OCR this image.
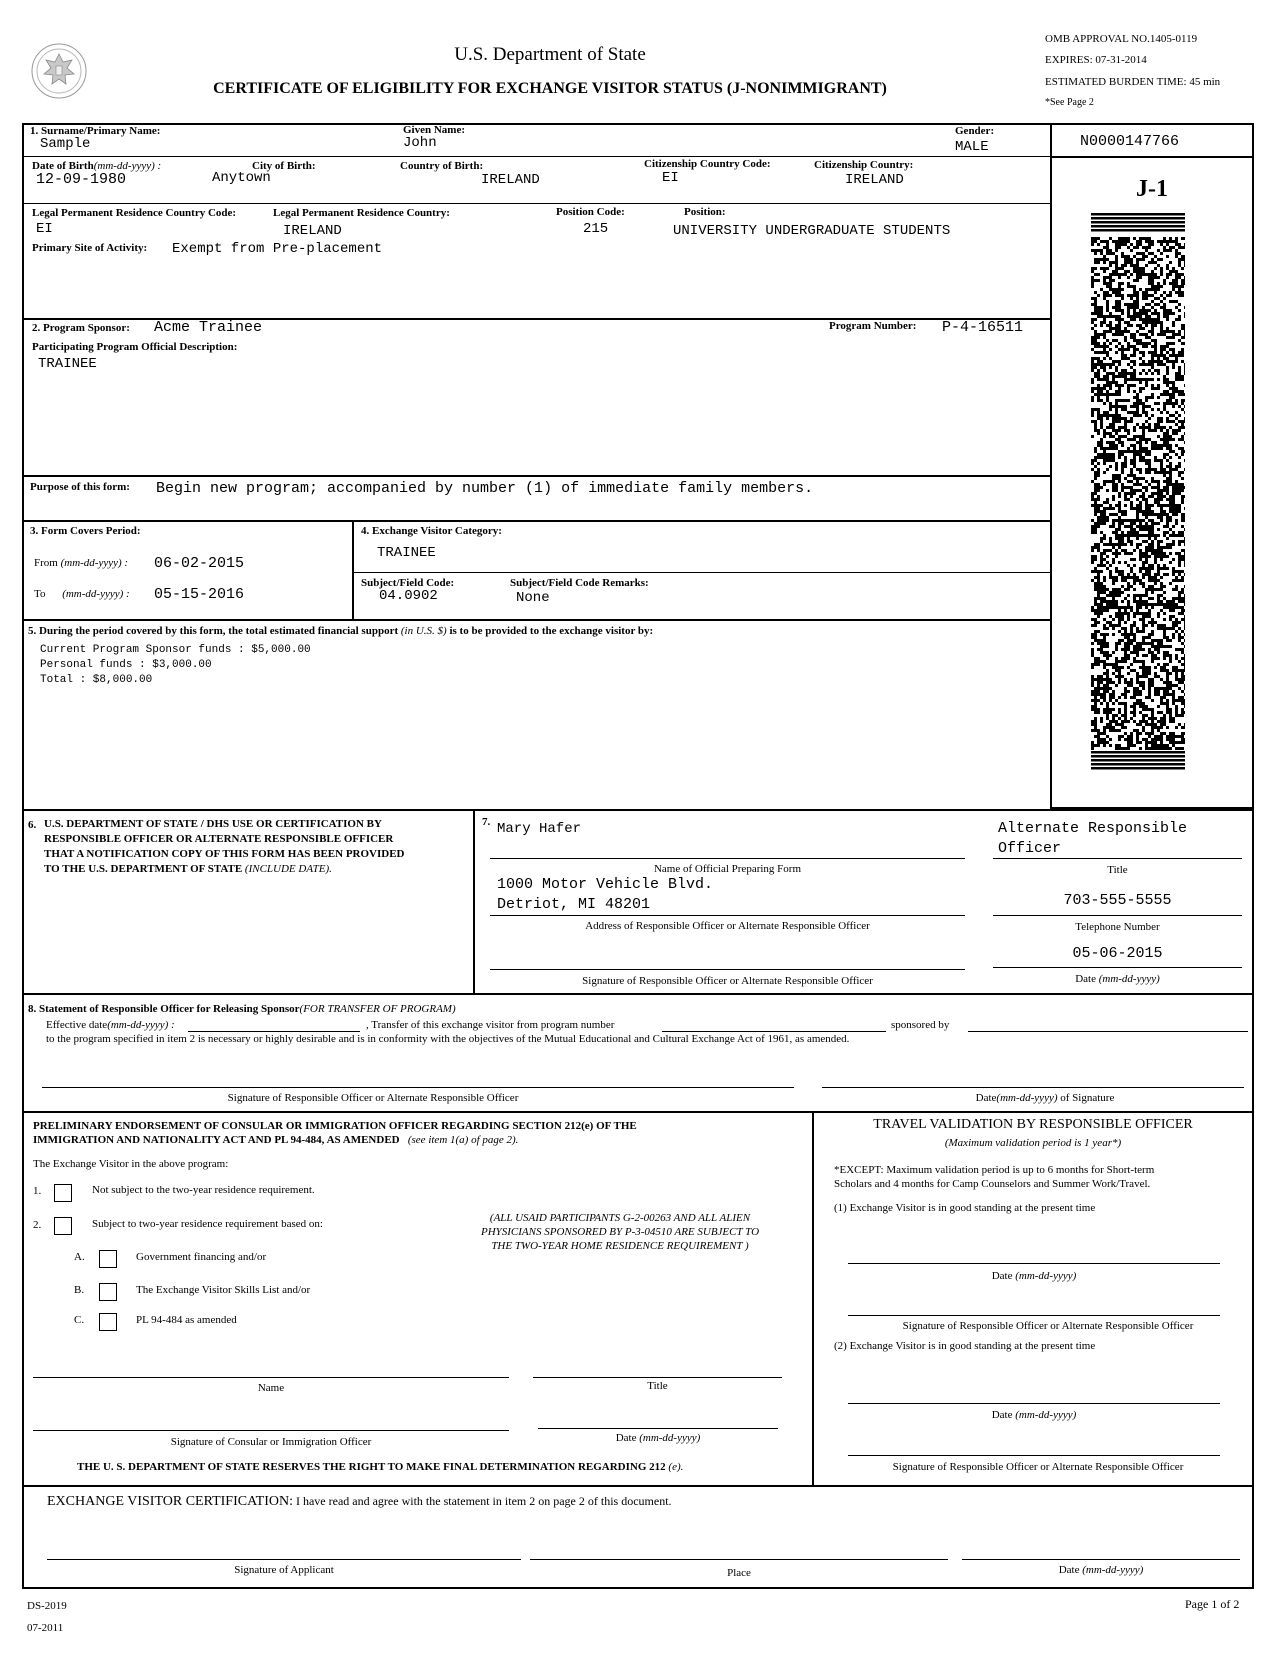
U.S. Department of State
CERTIFICATE OF ELIGIBILITY FOR EXCHANGE VISITOR STATUS (J-NONIMMIGRANT)
OMB APPROVAL NO.1405-0119
EXPIRES: 07-31-2014
ESTIMATED BURDEN TIME: 45 min
*See Page 2
1. Surname/Primary Name:
Sample
Given Name:
John
Gender:
MALE	N0000147766
J-1
Date of Birth(mm-dd-yyyy) :
12-09-1980
City of Birth:
Anytown
Country of Birth:
IRELAND
Citizenship Country Code:
EI
Citizenship Country:
IRELAND
Legal Permanent Residence Country Code:
EI
Legal Permanent Residence Country:
IRELAND
Position Code:
215
Position:
UNIVERSITY UNDERGRADUATE STUDENTS
Primary Site of Activity: Exempt from Pre-placement
2. Program Sponsor: Acme Trainee	Program Number: P-4-16511
Participating Program Official Description:
TRAINEE
Purpose of this form: Begin new program; accompanied by number (1) of immediate family members.
3. Form Covers Period:
From (mm-dd-yyyy) : 06-02-2015
To (mm-dd-yyyy) : 05-15-2016
4. Exchange Visitor Category:
TRAINEE
Subject/Field Code:
04.0902
Subject/Field Code Remarks:
None
5. During the period covered by this form, the total estimated financial support (in U.S. $) is to be provided to the exchange visitor by:
Current Program Sponsor funds : $5,000.00
Personal funds : $3,000.00
Total : $8,000.00
6. U.S. DEPARTMENT OF STATE / DHS USE OR CERTIFICATION BY
RESPONSIBLE OFFICER OR ALTERNATE RESPONSIBLE OFFICER
THAT A NOTIFICATION COPY OF THIS FORM HAS BEEN PROVIDED
TO THE U.S. DEPARTMENT OF STATE (INCLUDE DATE).
7. Mary Hafer
Name of Official Preparing Form
Alternate Responsible Officer
Title
1000 Motor Vehicle Blvd.
Detriot, MI 48201
Address of Responsible Officer or Alternate Responsible Officer
703-555-5555
Telephone Number
Signature of Responsible Officer or Alternate Responsible Officer
05-06-2015
Date (mm-dd-yyyy)
8. Statement of Responsible Officer for Releasing Sponsor(FOR TRANSFER OF PROGRAM)
Effective date(mm-dd-yyyy) :	, Transfer of this exchange visitor from program number	sponsored by
to the program specified in item 2 is necessary or highly desirable and is in conformity with the objectives of the Mutual Educational and Cultural Exchange Act of 1961, as amended.
Signature of Responsible Officer or Alternate Responsible Officer	Date(mm-dd-yyyy) of Signature
PRELIMINARY ENDORSEMENT OF CONSULAR OR IMMIGRATION OFFICER REGARDING SECTION 212(e) OF THE
IMMIGRATION AND NATIONALITY ACT AND PL 94-484, AS AMENDED (see item 1(a) of page 2).
The Exchange Visitor in the above program:
1.	Not subject to the two-year residence requirement.
2.	Subject to two-year residence requirement based on:
A.	Government financing and/or
B.	The Exchange Visitor Skills List and/or
C.	PL 94-484 as amended
(ALL USAID PARTICIPANTS G-2-00263 AND ALL ALIEN
PHYSICIANS SPONSORED BY P-3-04510 ARE SUBJECT TO
THE TWO-YEAR HOME RESIDENCE REQUIREMENT )
Name	Title
Signature of Consular or Immigration Officer	Date (mm-dd-yyyy)
THE U. S. DEPARTMENT OF STATE RESERVES THE RIGHT TO MAKE FINAL DETERMINATION REGARDING 212 (e).
TRAVEL VALIDATION BY RESPONSIBLE OFFICER
(Maximum validation period is 1 year*)
*EXCEPT: Maximum validation period is up to 6 months for Short-term
Scholars and 4 months for Camp Counselors and Summer Work/Travel.
(1) Exchange Visitor is in good standing at the present time
Date (mm-dd-yyyy)
Signature of Responsible Officer or Alternate Responsible Officer
(2) Exchange Visitor is in good standing at the present time
Date (mm-dd-yyyy)
Signature of Responsible Officer or Alternate Responsible Officer
EXCHANGE VISITOR CERTIFICATION: I have read and agree with the statement in item 2 on page 2 of this document.
Signature of Applicant	Place	Date (mm-dd-yyyy)
DS-2019
07-2011
Page 1 of 2
